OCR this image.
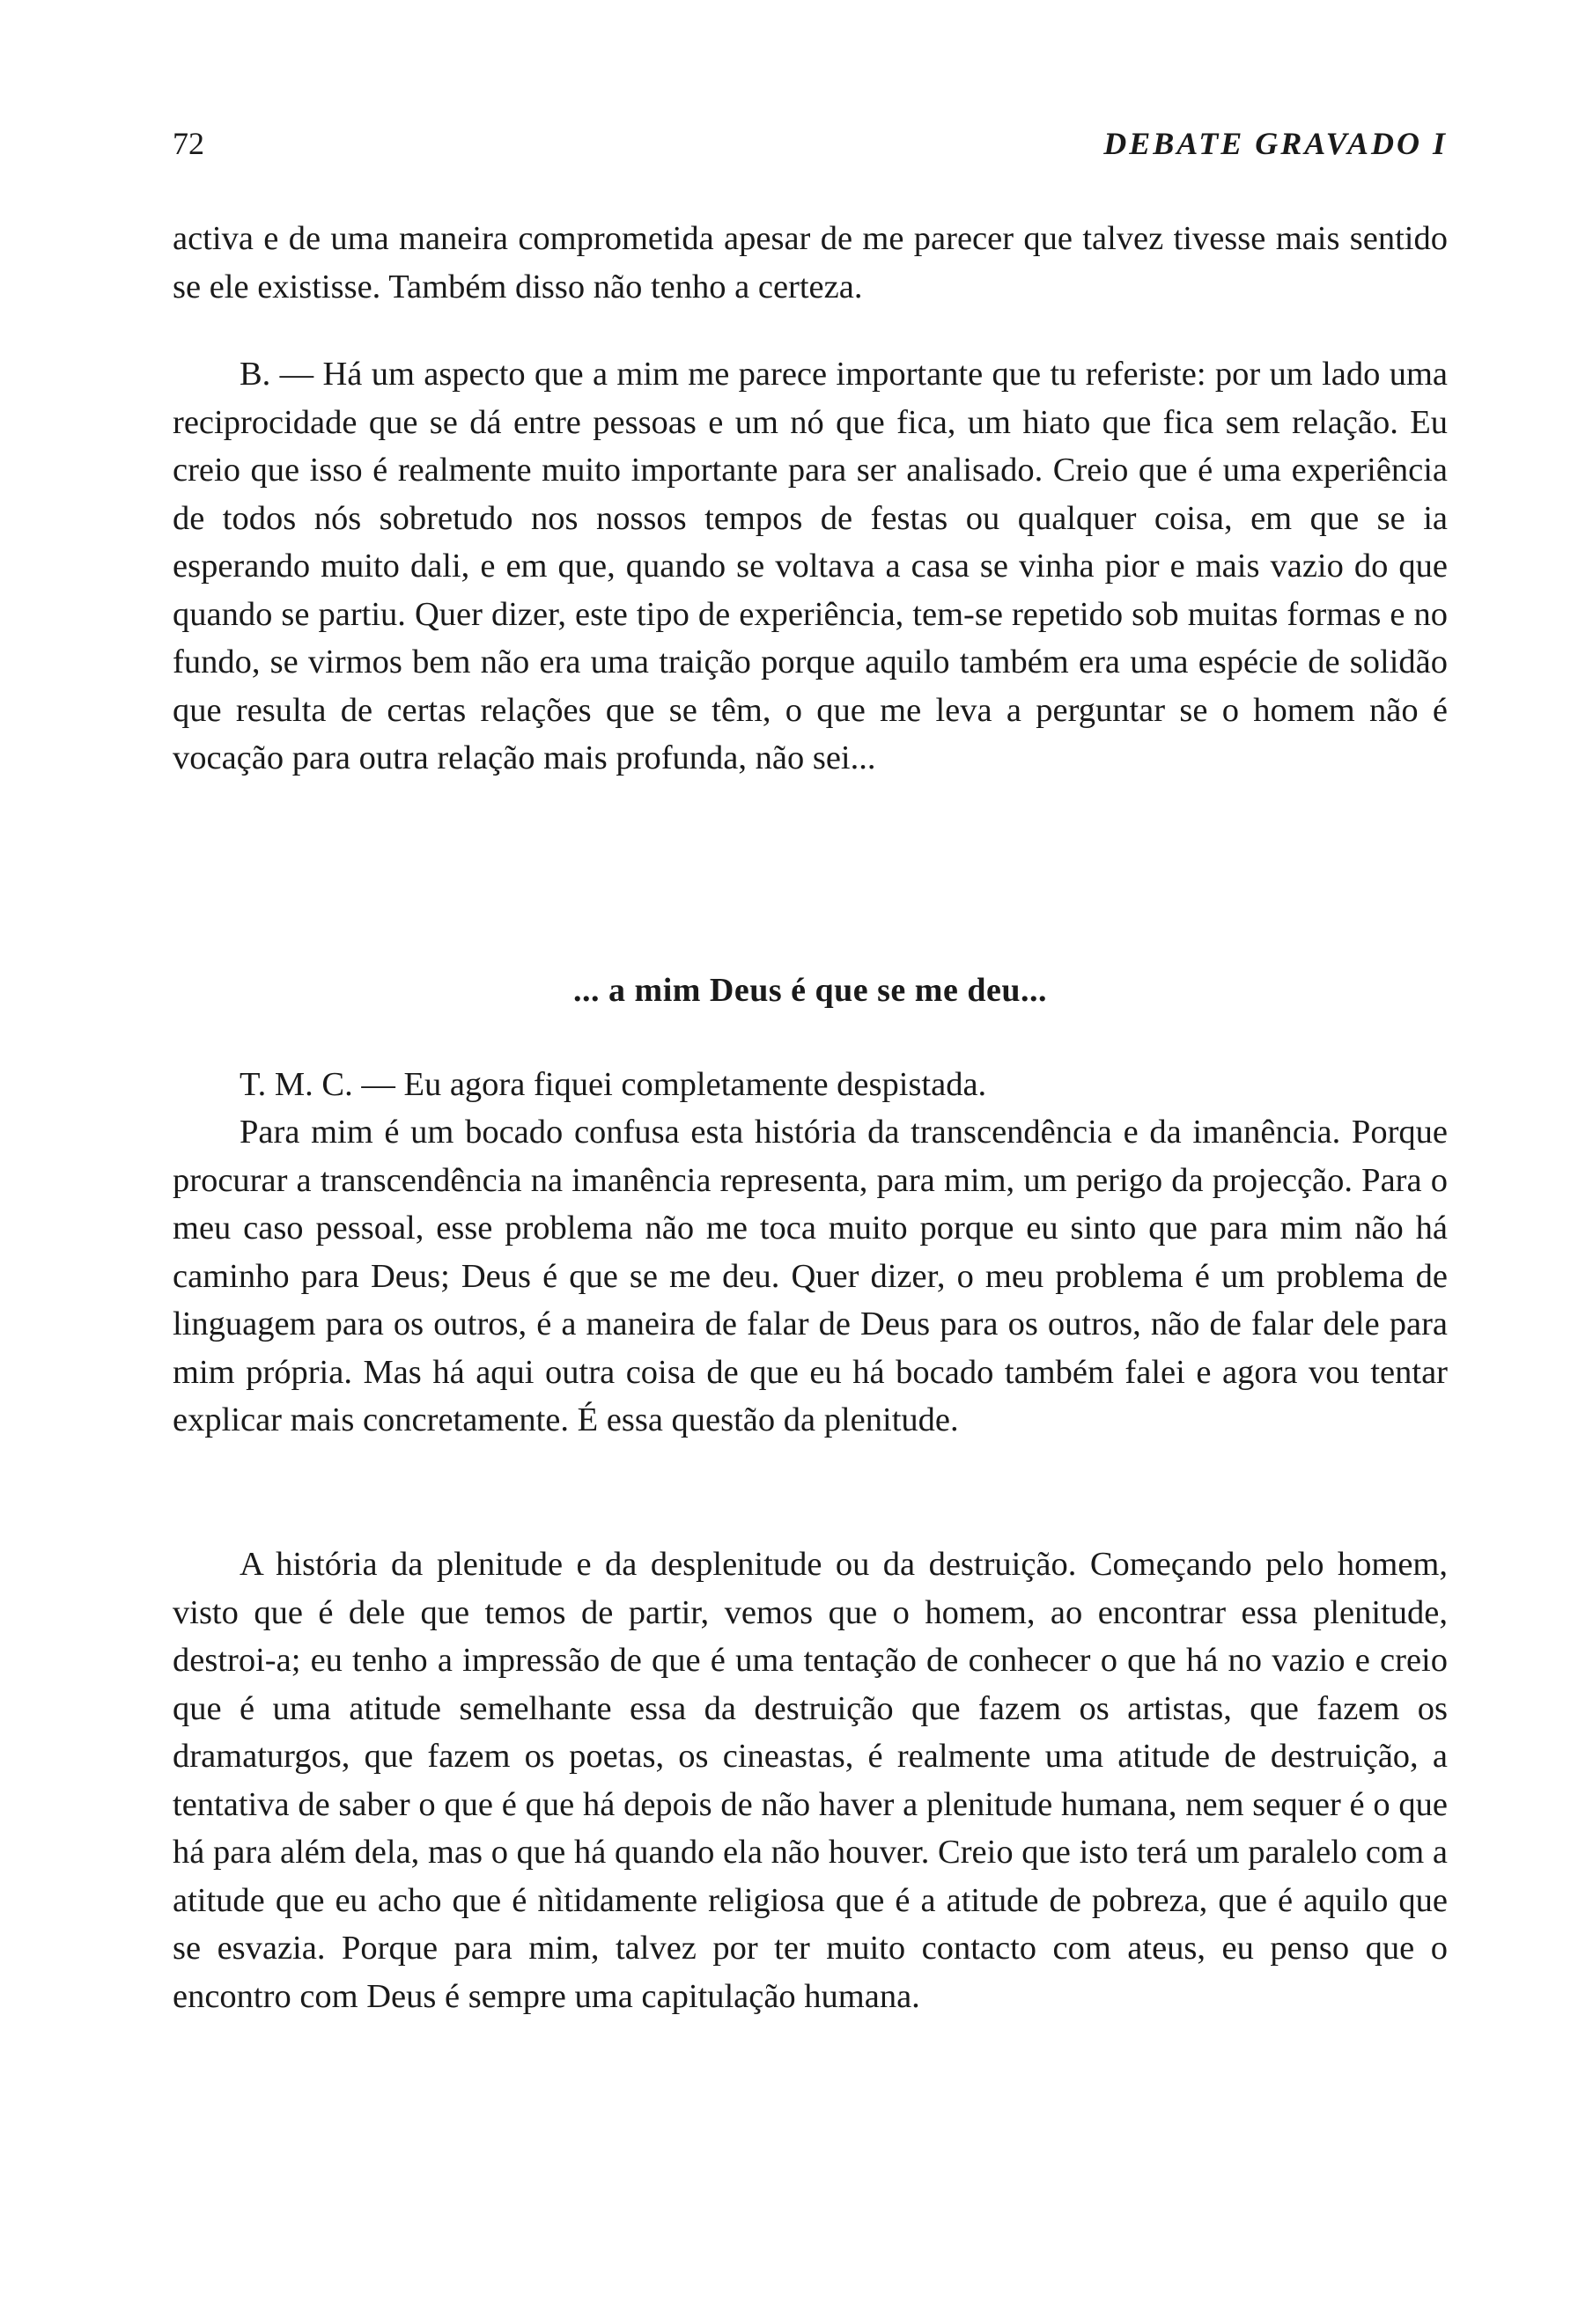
72	DEBATE GRAVADO I

activa e de uma maneira comprometida apesar de me parecer que talvez tivesse mais sentido se ele existisse. Também disso não tenho a certeza.

B. — Há um aspecto que a mim me parece importante que tu referiste: por um lado uma reciprocidade que se dá entre pessoas e um nó que fica, um hiato que fica sem relação. Eu creio que isso é realmente muito importante para ser analisado. Creio que é uma experiência de todos nós sobretudo nos nossos tempos de festas ou qualquer coisa, em que se ia esperando muito dali, e em que, quando se voltava a casa se vinha pior e mais vazio do que quando se partiu. Quer dizer, este tipo de experiência, tem-se repetido sob muitas formas e no fundo, se virmos bem não era uma traição porque aquilo também era uma espécie de solidão que resulta de certas relações que se têm, o que me leva a perguntar se o homem não é vocação para outra relação mais profunda, não sei...

... a mim Deus é que se me deu...

T. M. C. — Eu agora fiquei completamente despistada.

Para mim é um bocado confusa esta história da transcendência e da imanência. Porque procurar a transcendência na imanência representa, para mim, um perigo da projecção. Para o meu caso pessoal, esse problema não me toca muito porque eu sinto que para mim não há caminho para Deus; Deus é que se me deu. Quer dizer, o meu problema é um problema de linguagem para os outros, é a maneira de falar de Deus para os outros, não de falar dele para mim própria. Mas há aqui outra coisa de que eu há bocado também falei e agora vou tentar explicar mais concretamente. É essa questão da plenitude.

A história da plenitude e da desplenitude ou da destruição. Começando pelo homem, visto que é dele que temos de partir, vemos que o homem, ao encontrar essa plenitude, destroi-a; eu tenho a impressão de que é uma tentação de conhecer o que há no vazio e creio que é uma atitude semelhante essa da destruição que fazem os artistas, que fazem os dramaturgos, que fazem os poetas, os cineastas, é realmente uma atitude de destruição, a tentativa de saber o que é que há depois de não haver a plenitude humana, nem sequer é o que há para além dela, mas o que há quando ela não houver. Creio que isto terá um paralelo com a atitude que eu acho que é nìtidamente religiosa que é a atitude de pobreza, que é aquilo que se esvazia. Porque para mim, talvez por ter muito contacto com ateus, eu penso que o encontro com Deus é sempre uma capitulação humana.
